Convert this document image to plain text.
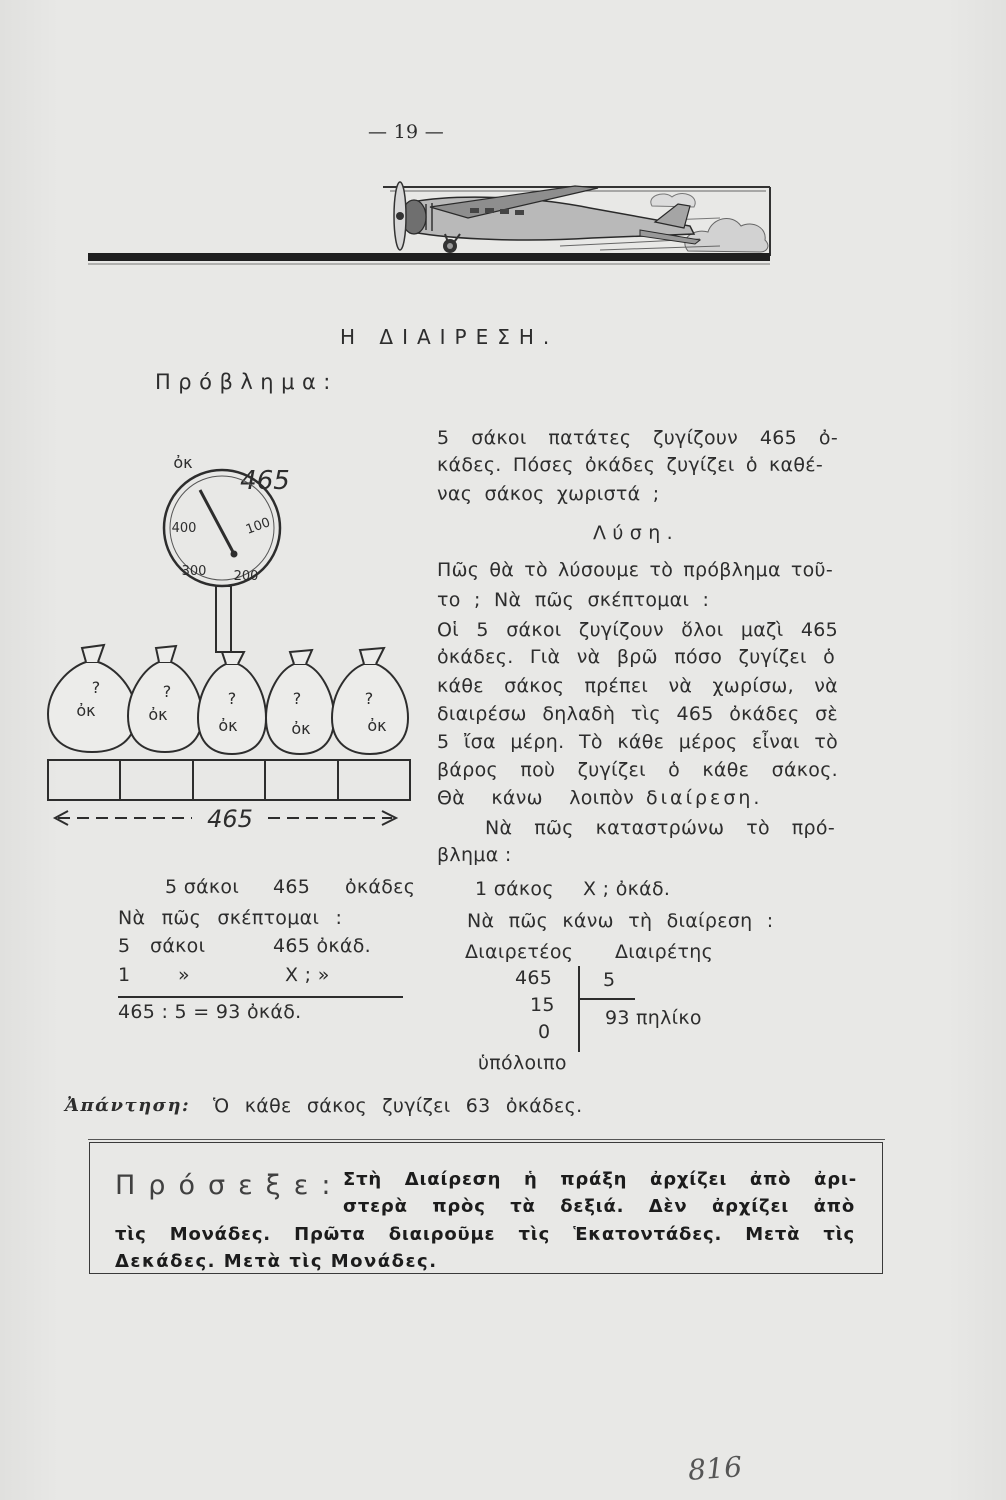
— 19 —
Η ΔΙΑΙΡΕΣΗ.
Πρόβλημα:
5 σάκοι πατάτες ζυγίζουν 465 ὀ-
κάδες. Πόσες ὀκάδες ζυγίζει ὁ καθέ-
νας σάκος χωριστά ;
Λύση.
Πῶς θὰ τὸ λύσουμε τὸ πρόβλημα τοῦ-
το ; Νὰ πῶς σκέπτομαι :
Οἱ 5 σάκοι ζυγίζουν ὅλοι μαζὶ 465
ὀκάδες. Γιὰ νὰ βρῶ πόσο ζυγίζει ὁ
κάθε σάκος πρέπει νὰ χωρίσω, νὰ
διαιρέσω δηλαδὴ τὶς 465 ὀκάδες σὲ
5 ἴσα μέρη. Τὸ κάθε μέρος εἶναι τὸ
βάρος ποὺ ζυγίζει ὁ κάθε σάκος.
Θὰ κάνω λοιπὸν διαίρεση.
Νὰ πῶς καταστρώνω τὸ πρό-
βλημα :
ὀκ
465
400	100
300 200
?
ὀκ
?
ὀκ
?
ὀκ
?
ὀκ
?
ὀκ
465
5 σάκοι 465 ὀκάδες
Νὰ πῶς σκέπτομαι :
5 σάκοι	465 ὀκάδ.
1	»	Χ ; »
465 : 5 = 93 ὀκάδ.
1 σάκος Χ ; ὀκάδ.
Νὰ πῶς κάνω τὴ διαίρεση :
Διαιρετέος Διαιρέτης
465	5
15
93 πηλίκο
0
ὑπόλοιπο
Ἀπάντηση: Ὁ κάθε σάκος ζυγίζει 63 ὀκάδες.
Πρόσεξε: Στὴ Διαίρεση ἡ πράξη ἀρχίζει ἀπὸ ἀρι-
στερὰ πρὸς τὰ δεξιά. Δὲν ἀρχίζει ἀπὸ
τὶς Μονάδες. Πρῶτα διαιροῦμε τὶς Ἑκατοντάδες. Μετὰ τὶς
Δεκάδες. Μετὰ τὶς Μονάδες.
816
